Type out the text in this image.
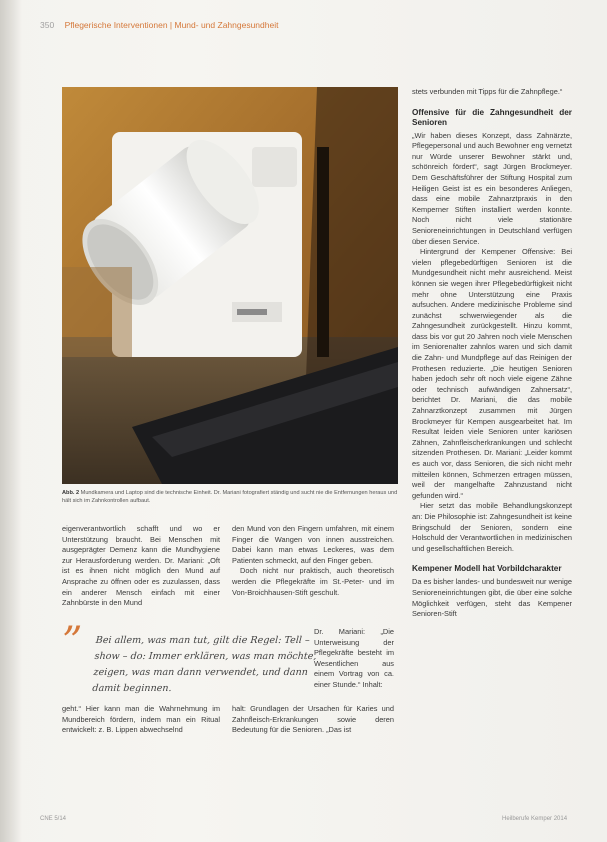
350 Pflegerische Interventionen | Mund- und Zahngesundheit
Abb. 2 Mundkamera und Laptop sind die technische Einheit. Dr. Mariani fotografiert ständig und sucht nie die Entfernungen heraus und hält sich im Zahnkontrollen aufbaut.

eigenverantwortlich schafft und wo er Unterstützung braucht. Bei Menschen mit ausgeprägter Demenz kann die Mundhygiene zur Herausforderung werden. Dr. Mariani: „Oft ist es ihnen nicht möglich den Mund auf Ansprache zu öffnen oder es zuzulassen, dass ein anderer Mensch einfach mit einer Zahnbürste in den Mund

den Mund von den Fingern umfahren, mit einem Finger die Wangen von innen ausstreichen. Dabei kann man etwas Leckeres, was dem Patienten schmeckt, auf den Finger geben.

Doch nicht nur praktisch, auch theoretisch werden die Pflegekräfte im St.-Peter- und im Von-Broichhausen-Stift geschult.

Dr. Mariani: „Die Unterweisung der Pflegekräfte besteht im Wesentlichen aus einem Vortrag von ca. einer Stunde.“ Inhalt:

”	Bei allem, was man tut, gilt die Regel: Tell – show – do: Immer erklären, was man möchte, zeigen, was man dann verwendet, und dann damit beginnen.

geht.“ Hier kann man die Wahrnehmung im Mundbereich fördern, indem man ein Ritual entwickelt: z. B. Lippen abwechselnd

halt: Grundlagen der Ursachen für Karies und Zahnfleisch-Erkrankungen sowie deren Bedeutung für die Senioren. „Das ist

stets verbunden mit Tipps für die Zahnpflege.“

Offensive für die Zahngesundheit der Senioren

„Wir haben dieses Konzept, dass Zahnärzte, Pflegepersonal und auch Bewohner eng vernetzt nur Würde unserer Bewohner stärkt und, schönreich fördert“, sagt Jürgen Brockmeyer. Dem Geschäftsführer der Stiftung Hospital zum Heiligen Geist ist es ein besonderes Anliegen, dass eine mobile Zahnarztpraxis in den Kemperner Stiften installiert werden konnte. Noch nicht viele stationäre Senioreneinrichtungen in Deutschland verfügen über diesen Service.

Hintergrund der Kempener Offensive: Bei vielen pflegebedürftigen Senioren ist die Mundgesundheit nicht mehr ausreichend. Meist können sie wegen ihrer Pflegebedürftigkeit nicht mehr ohne Unterstützung eine Praxis aufsuchen. Andere medizinische Probleme sind zunächst schwerwiegender als die Zahngesundheit zurückgestellt. Hinzu kommt, dass bis vor gut 20 Jahren noch viele Menschen im Seniorenalter zahnlos waren und sich damit die Zahn- und Mundpflege auf das Reinigen der Prothesen reduzierte. „Die heutigen Senioren haben jedoch sehr oft noch viele eigene Zähne oder technisch aufwändigen Zahnersatz“, berichtet Dr. Mariani, die das mobile Zahnarztkonzept zusammen mit Jürgen Brockmeyer für Kempen ausgearbeitet hat. Im Resultat leiden viele Senioren unter kariösen Zähnen, Zahnfleischerkrankungen und schlecht sitzenden Prothesen. Dr. Mariani: „Leider kommt es auch vor, dass Senioren, die sich nicht mehr mitteilen können, Schmerzen ertragen müssen, weil der mangelhafte Zahnzustand nicht gefunden wird.“

Hier setzt das mobile Behandlungskonzept an: Die Philosophie ist: Zahngesundheit ist keine Bringschuld der Senioren, sondern eine Holschuld der Verantwortlichen in medizinischen und gesellschaftlichen Bereich.

Kempener Modell hat Vorbildcharakter

Da es bisher landes- und bundesweit nur wenige Senioreneinrichtungen gibt, die über eine solche Möglichkeit verfügen, steht das Kempener Senioren-Stift

CNE 5/14	Heilberufe Kemper 2014
